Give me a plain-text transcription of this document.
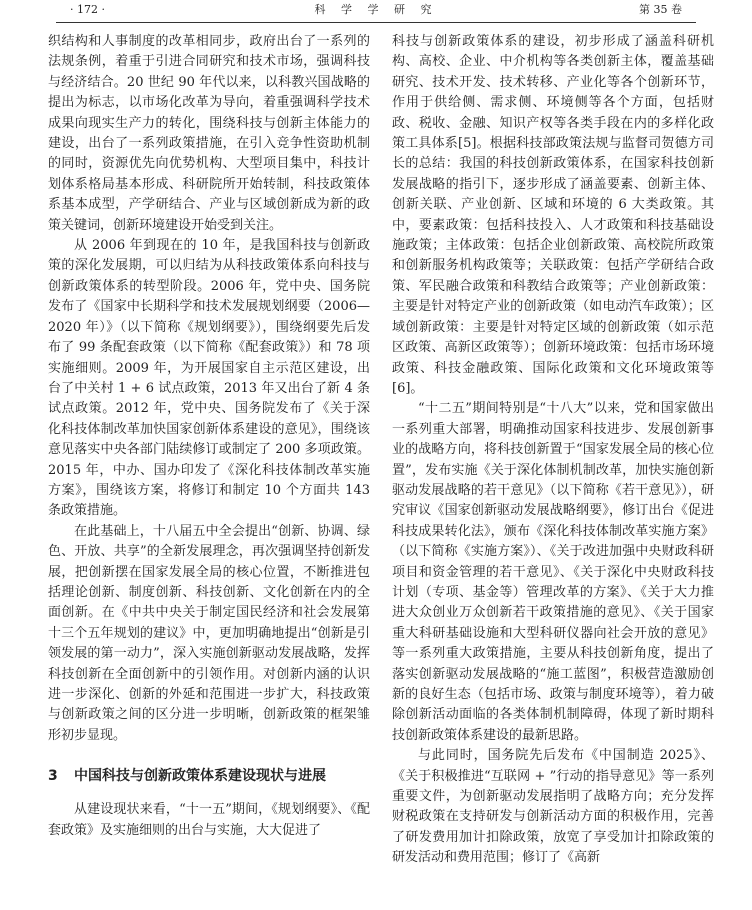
· 172 ·	科 学 学 研 究	第 35 卷

织结构和人事制度的改革相同步，政府出台了一系列的法规条例，着重于引进合同研究和技术市场，强调科技与经济结合。20 世纪 90 年代以来，以科教兴国战略的提出为标志，以市场化改革为导向，着重强调科学技术成果向现实生产力的转化，围绕科技与创新主体能力的建设，出台了一系列政策措施，在引入竞争性资助机制的同时，资源优先向优势机构、大型项目集中，科技计划体系格局基本形成、科研院所开始转制，科技政策体系基本成型，产学研结合、产业与区域创新成为新的政策关键词，创新环境建设开始受到关注。

从 2006 年到现在的 10 年，是我国科技与创新政策的深化发展期，可以归结为从科技政策体系向科技与创新政策体系的转型阶段。2006 年，党中央、国务院发布了《国家中长期科学和技术发展规划纲要（2006—2020 年）》（以下简称《规划纲要》），围绕纲要先后发布了 99 条配套政策（以下简称《配套政策》）和 78 项实施细则。2009 年，为开展国家自主示范区建设，出台了中关村 1 + 6 试点政策，2013 年又出台了新 4 条试点政策。2012 年，党中央、国务院发布了《关于深化科技体制改革加快国家创新体系建设的意见》，围绕该意见落实中央各部门陆续修订或制定了 200 多项政策。2015 年，中办、国办印发了《深化科技体制改革实施方案》，围绕该方案，将修订和制定 10 个方面共 143 条政策措施。

在此基础上，十八届五中全会提出“创新、协调、绿色、开放、共享”的全新发展理念，再次强调坚持创新发展，把创新摆在国家发展全局的核心位置，不断推进包括理论创新、制度创新、科技创新、文化创新在内的全面创新。在《中共中央关于制定国民经济和社会发展第十三个五年规划的建议》中，更加明确地提出“创新是引领发展的第一动力”，深入实施创新驱动发展战略，发挥科技创新在全面创新中的引领作用。对创新内涵的认识进一步深化、创新的外延和范围进一步扩大，科技政策与创新政策之间的区分进一步明晰，创新政策的框架雏形初步显现。

3 中国科技与创新政策体系建设现状与进展

从建设现状来看，“十一五”期间，《规划纲要》、《配套政策》及实施细则的出台与实施，大大促进了

科技与创新政策体系的建设，初步形成了涵盖科研机构、高校、企业、中介机构等各类创新主体，覆盖基础研究、技术开发、技术转移、产业化等各个创新环节，作用于供给侧、需求侧、环境侧等各个方面，包括财政、税收、金融、知识产权等各类手段在内的多样化政策工具体系[5]。根据科技部政策法规与监督司贺德方司长的总结：我国的科技创新政策体系，在国家科技创新发展战略的指引下，逐步形成了涵盖要素、创新主体、创新关联、产业创新、区域和环境的 6 大类政策。其中，要素政策：包括科技投入、人才政策和科技基础设施政策；主体政策：包括企业创新政策、高校院所政策和创新服务机构政策等；关联政策：包括产学研结合政策、军民融合政策和科教结合政策等；产业创新政策：主要是针对特定产业的创新政策（如电动汽车政策）；区域创新政策：主要是针对特定区域的创新政策（如示范区政策、高新区政策等）；创新环境政策：包括市场环境政策、科技金融政策、国际化政策和文化环境政策等[6]。

“十二五”期间特别是“十八大”以来，党和国家做出一系列重大部署，明确推动国家科技进步、发展创新事业的战略方向，将科技创新置于“国家发展全局的核心位置”，发布实施《关于深化体制机制改革，加快实施创新驱动发展战略的若干意见》（以下简称《若干意见》），研究审议《国家创新驱动发展战略纲要》，修订出台《促进科技成果转化法》，颁布《深化科技体制改革实施方案》（以下简称《实施方案》）、《关于改进加强中央财政科研项目和资金管理的若干意见》、《关于深化中央财政科技计划（专项、基金等）管理改革的方案》、《关于大力推进大众创业万众创新若干政策措施的意见》、《关于国家重大科研基础设施和大型科研仪器向社会开放的意见》等一系列重大政策措施，主要从科技创新角度，提出了落实创新驱动发展战略的“施工蓝图”，积极营造激励创新的良好生态（包括市场、政策与制度环境等），着力破除创新活动面临的各类体制机制障碍，体现了新时期科技创新政策体系建设的最新思路。

与此同时，国务院先后发布《中国制造 2025》、《关于积极推进“互联网 + ”行动的指导意见》等一系列重要文件，为创新驱动发展指明了战略方向；充分发挥财税政策在支持研发与创新活动方面的积极作用，完善了研发费用加计扣除政策，放宽了享受加计扣除政策的研发活动和费用范围；修订了《高新
